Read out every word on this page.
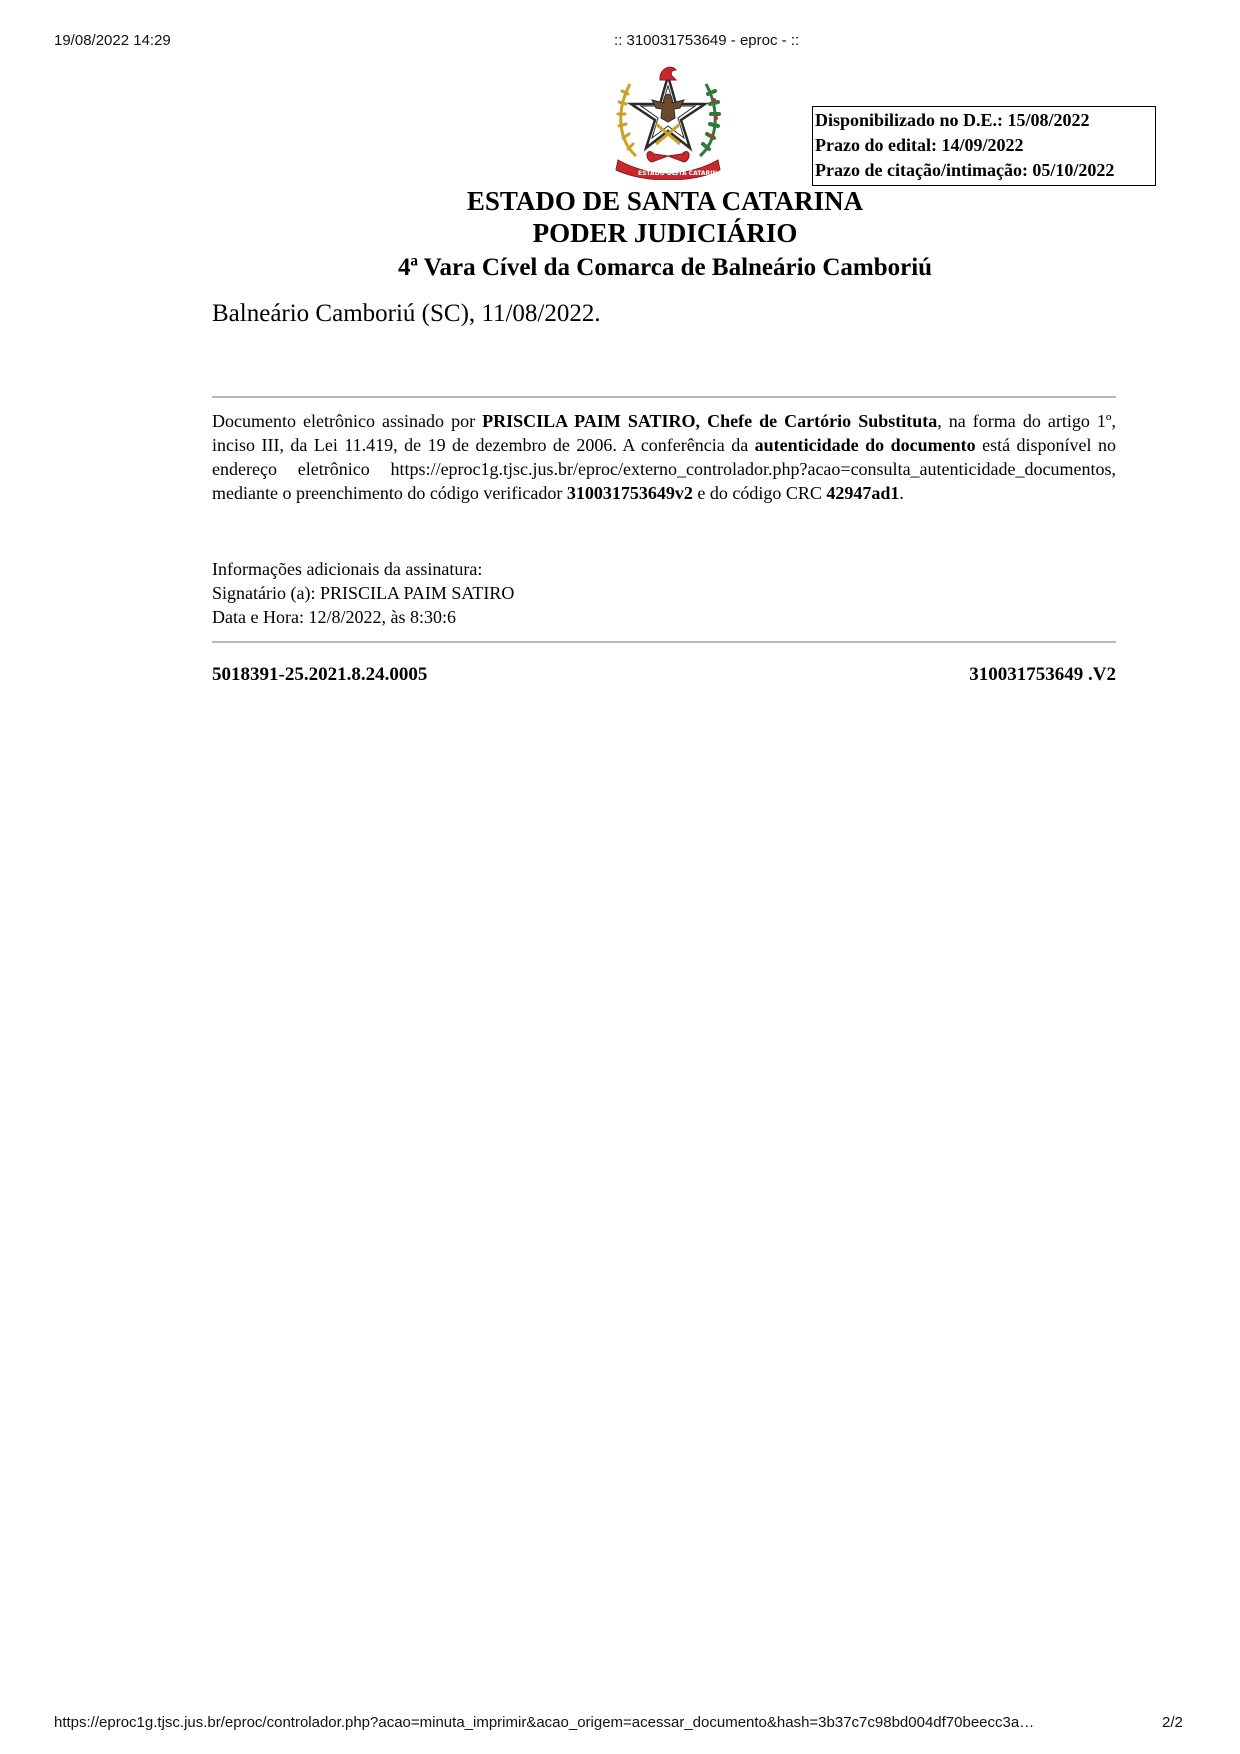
19/08/2022 14:29	:: 310031753649 - eproc - ::
ESTADO DE
STA CATARINA
Disponibilizado no D.E.: 15/08/2022
Prazo do edital: 14/09/2022
Prazo de citação/intimação: 05/10/2022
ESTADO DE SANTA CATARINA
PODER JUDICIÁRIO
4ª Vara Cível da Comarca de Balneário Camboriú
Balneário Camboriú (SC), 11/08/2022.
Documento eletrônico assinado por PRISCILA PAIM SATIRO, Chefe de Cartório Substituta, na forma do artigo 1º, inciso III, da Lei 11.419, de 19 de dezembro de 2006. A conferência da autenticidade do documento está disponível no endereço eletrônico https://eproc1g.tjsc.jus.br/eproc/externo_controlador.php?acao=consulta_autenticidade_documentos, mediante o preenchimento do código verificador 310031753649v2 e do código CRC 42947ad1.
Informações adicionais da assinatura:
Signatário (a): PRISCILA PAIM SATIRO
Data e Hora: 12/8/2022, às 8:30:6
5018391-25.2021.8.24.0005	310031753649 .V2
https://eproc1g.tjsc.jus.br/eproc/controlador.php?acao=minuta_imprimir&acao_origem=acessar_documento&hash=3b37c7c98bd004df70beecc3a…	2/2
